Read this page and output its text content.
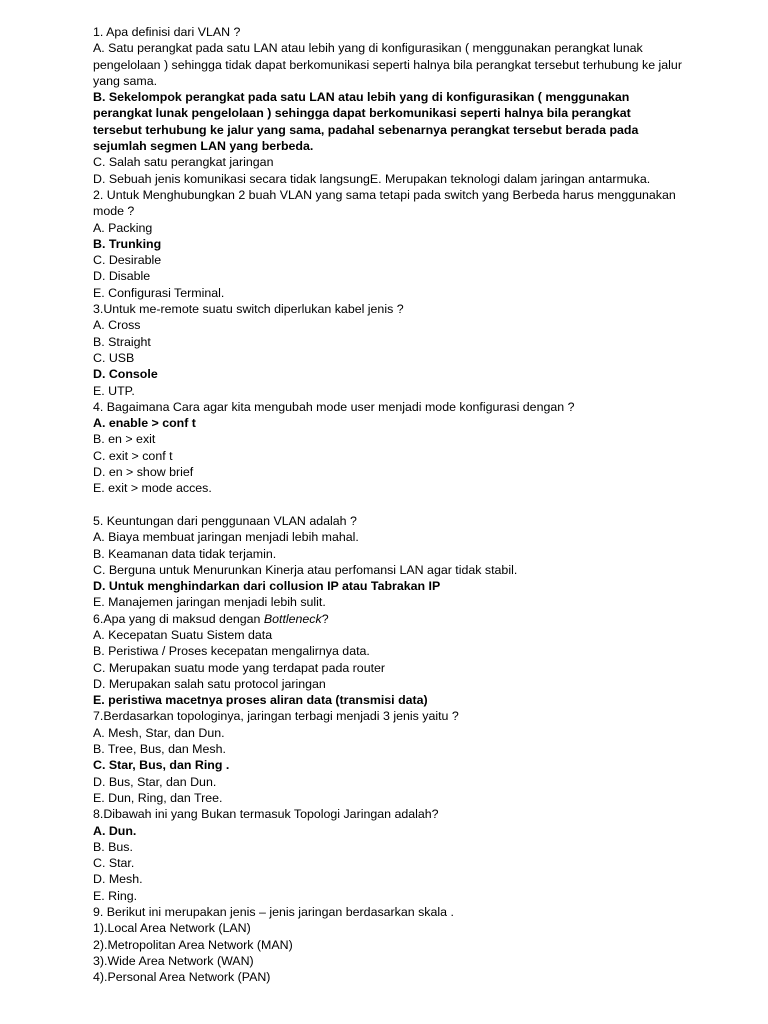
1. Apa definisi dari VLAN ?
A. Satu perangkat pada satu LAN atau lebih yang di konfigurasikan ( menggunakan perangkat lunak pengelolaan ) sehingga tidak dapat berkomunikasi seperti halnya bila perangkat tersebut terhubung ke jalur yang sama.
B. Sekelompok perangkat pada satu LAN atau lebih yang di konfigurasikan ( menggunakan perangkat lunak pengelolaan ) sehingga dapat berkomunikasi seperti halnya bila perangkat tersebut terhubung ke jalur yang sama, padahal sebenarnya perangkat tersebut berada pada sejumlah segmen LAN yang berbeda.
C. Salah satu perangkat jaringan
D. Sebuah jenis komunikasi secara tidak langsungE. Merupakan teknologi dalam jaringan antarmuka.
2. Untuk Menghubungkan 2 buah VLAN yang sama tetapi pada switch yang Berbeda harus menggunakan mode ?
A. Packing
B. Trunking
C. Desirable
D. Disable
E. Configurasi Terminal.
3.Untuk me-remote suatu switch diperlukan kabel jenis ?
A. Cross
B. Straight
C. USB
D. Console
E. UTP.
4. Bagaimana Cara agar kita mengubah mode user menjadi mode konfigurasi dengan ?
A. enable > conf t
B. en > exit
C. exit > conf t
D. en > show brief
E. exit > mode acces.
5. Keuntungan dari penggunaan VLAN adalah ?
A. Biaya membuat jaringan menjadi lebih mahal.
B. Keamanan data tidak terjamin.
C. Berguna untuk Menurunkan Kinerja atau perfomansi LAN agar tidak stabil.
D. Untuk menghindarkan dari collusion IP atau Tabrakan IP
E. Manajemen jaringan menjadi lebih sulit.
6.Apa yang di maksud dengan Bottleneck?
A. Kecepatan Suatu Sistem data
B. Peristiwa / Proses kecepatan mengalirnya data.
C. Merupakan suatu mode yang terdapat pada router
D. Merupakan salah satu protocol jaringan
E. peristiwa macetnya proses aliran data (transmisi data)
7.Berdasarkan topologinya, jaringan terbagi menjadi 3 jenis yaitu ?
A. Mesh, Star, dan Dun.
B. Tree, Bus, dan Mesh.
C. Star, Bus, dan Ring .
D. Bus, Star, dan Dun.
E. Dun, Ring, dan Tree.
8.Dibawah ini yang Bukan termasuk Topologi Jaringan adalah?
A. Dun.
B. Bus.
C. Star.
D. Mesh.
E. Ring.
9. Berikut ini merupakan jenis – jenis jaringan berdasarkan skala .
1).Local Area Network (LAN)
2).Metropolitan Area Network (MAN)
3).Wide Area Network (WAN)
4).Personal Area Network (PAN)
